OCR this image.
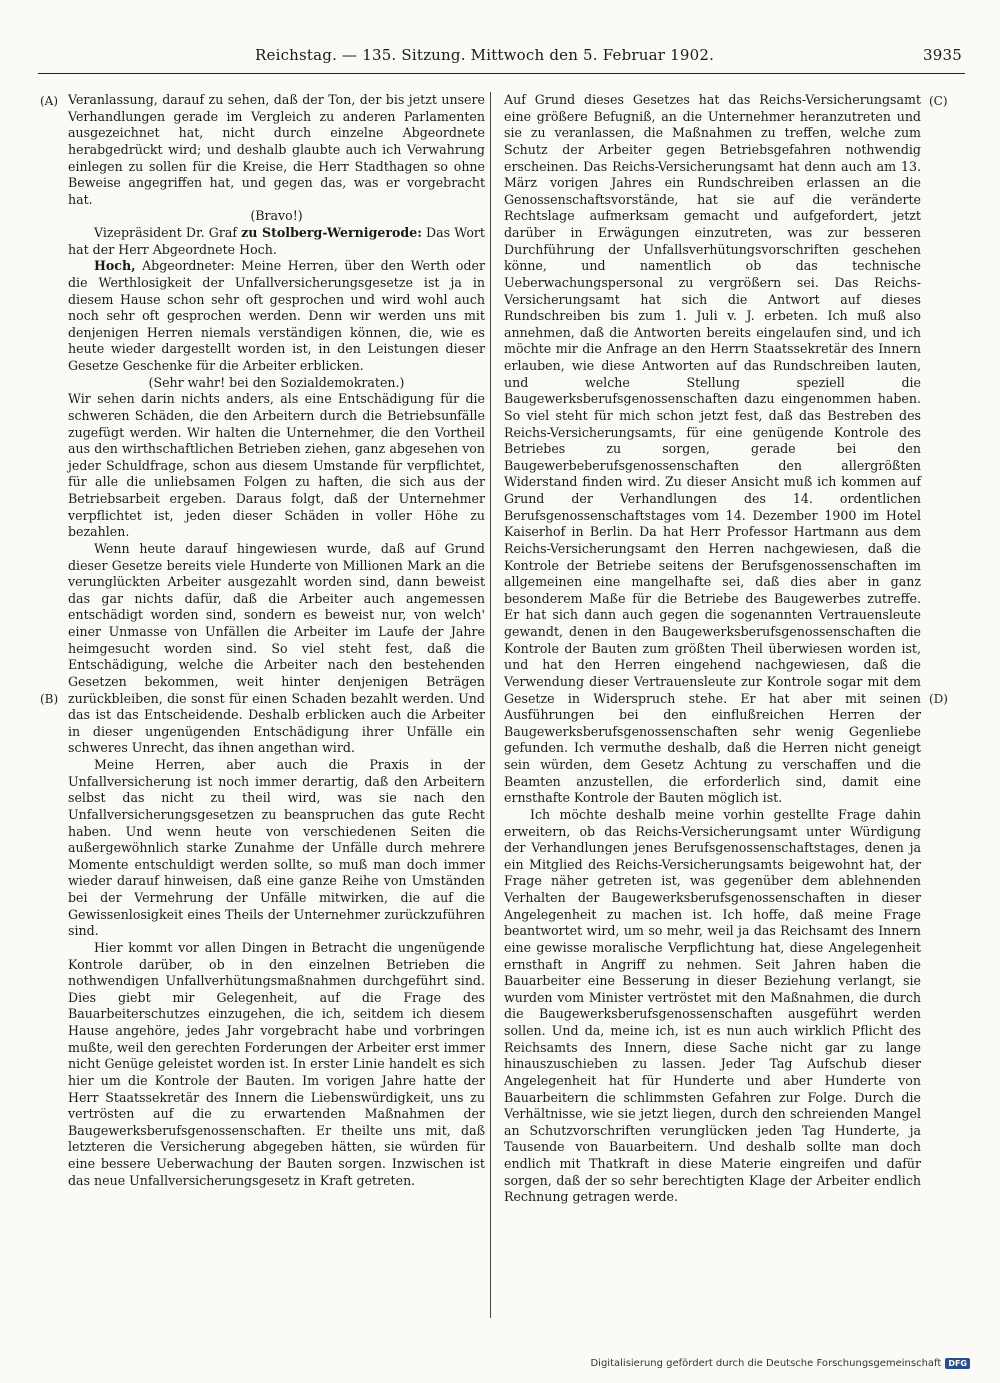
Reichstag. — 135. Sitzung. Mittwoch den 5. Februar 1902.	3935
(A)
(B)
(C)
(D)

Veranlassung, darauf zu sehen, daß der Ton, der bis jetzt unsere Verhandlungen gerade im Vergleich zu anderen Parlamenten ausgezeichnet hat, nicht durch einzelne Abgeordnete herabgedrückt wird; und deshalb glaubte auch ich Verwahrung einlegen zu sollen für die Kreise, die Herr Stadthagen so ohne Beweise angegriffen hat, und gegen das, was er vorgebracht hat.

(Bravo!)

Vizepräsident Dr. Graf zu Stolberg-Wernigerode: Das Wort hat der Herr Abgeordnete Hoch.

Hoch, Abgeordneter: Meine Herren, über den Werth oder die Werthlosigkeit der Unfallversicherungsgesetze ist ja in diesem Hause schon sehr oft gesprochen und wird wohl auch noch sehr oft gesprochen werden. Denn wir werden uns mit denjenigen Herren niemals verständigen können, die, wie es heute wieder dargestellt worden ist, in den Leistungen dieser Gesetze Geschenke für die Arbeiter erblicken.

(Sehr wahr! bei den Sozialdemokraten.)

Wir sehen darin nichts anders, als eine Entschädigung für die schweren Schäden, die den Arbeitern durch die Betriebsunfälle zugefügt werden. Wir halten die Unternehmer, die den Vortheil aus den wirthschaftlichen Betrieben ziehen, ganz abgesehen von jeder Schuldfrage, schon aus diesem Umstande für verpflichtet, für alle die unliebsamen Folgen zu haften, die sich aus der Betriebsarbeit ergeben. Daraus folgt, daß der Unternehmer verpflichtet ist, jeden dieser Schäden in voller Höhe zu bezahlen.

Wenn heute darauf hingewiesen wurde, daß auf Grund dieser Gesetze bereits viele Hunderte von Millionen Mark an die verunglückten Arbeiter ausgezahlt worden sind, dann beweist das gar nichts dafür, daß die Arbeiter auch angemessen entschädigt worden sind, sondern es beweist nur, von welch' einer Unmasse von Unfällen die Arbeiter im Laufe der Jahre heimgesucht worden sind. So viel steht fest, daß die Entschädigung, welche die Arbeiter nach den bestehenden Gesetzen bekommen, weit hinter denjenigen Beträgen zurückbleiben, die sonst für einen Schaden bezahlt werden. Und das ist das Entscheidende. Deshalb erblicken auch die Arbeiter in dieser ungenügenden Entschädigung ihrer Unfälle ein schweres Unrecht, das ihnen angethan wird.

Meine Herren, aber auch die Praxis in der Unfallversicherung ist noch immer derartig, daß den Arbeitern selbst das nicht zu theil wird, was sie nach den Unfallversicherungsgesetzen zu beanspruchen das gute Recht haben. Und wenn heute von verschiedenen Seiten die außergewöhnlich starke Zunahme der Unfälle durch mehrere Momente entschuldigt werden sollte, so muß man doch immer wieder darauf hinweisen, daß eine ganze Reihe von Umständen bei der Vermehrung der Unfälle mitwirken, die auf die Gewissenlosigkeit eines Theils der Unternehmer zurückzuführen sind.

Hier kommt vor allen Dingen in Betracht die ungenügende Kontrole darüber, ob in den einzelnen Betrieben die nothwendigen Unfallverhütungsmaßnahmen durchgeführt sind. Dies giebt mir Gelegenheit, auf die Frage des Bauarbeiterschutzes einzugehen, die ich, seitdem ich diesem Hause angehöre, jedes Jahr vorgebracht habe und vorbringen mußte, weil den gerechten Forderungen der Arbeiter erst immer nicht Genüge geleistet worden ist. In erster Linie handelt es sich hier um die Kontrole der Bauten. Im vorigen Jahre hatte der Herr Staatssekretär des Innern die Liebenswürdigkeit, uns zu vertrösten auf die zu erwartenden Maßnahmen der Baugewerksberufsgenossenschaften. Er theilte uns mit, daß letzteren die Versicherung abgegeben hätten, sie würden für eine bessere Ueberwachung der Bauten sorgen. Inzwischen ist das neue Unfallversicherungsgesetz in Kraft getreten.

Auf Grund dieses Gesetzes hat das Reichs-Versicherungsamt eine größere Befugniß, an die Unternehmer heranzutreten und sie zu veranlassen, die Maßnahmen zu treffen, welche zum Schutz der Arbeiter gegen Betriebsgefahren nothwendig erscheinen. Das Reichs-Versicherungsamt hat denn auch am 13. März vorigen Jahres ein Rundschreiben erlassen an die Genossenschaftsvorstände, hat sie auf die veränderte Rechtslage aufmerksam gemacht und aufgefordert, jetzt darüber in Erwägungen einzutreten, was zur besseren Durchführung der Unfallsverhütungsvorschriften geschehen könne, und namentlich ob das technische Ueberwachungspersonal zu vergrößern sei. Das Reichs-Versicherungsamt hat sich die Antwort auf dieses Rundschreiben bis zum 1. Juli v. J. erbeten. Ich muß also annehmen, daß die Antworten bereits eingelaufen sind, und ich möchte mir die Anfrage an den Herrn Staatssekretär des Innern erlauben, wie diese Antworten auf das Rundschreiben lauten, und welche Stellung speziell die Baugewerksberufsgenossenschaften dazu eingenommen haben. So viel steht für mich schon jetzt fest, daß das Bestreben des Reichs-Versicherungsamts, für eine genügende Kontrole des Betriebes zu sorgen, gerade bei den Baugewerbeberufsgenossenschaften den allergrößten Widerstand finden wird. Zu dieser Ansicht muß ich kommen auf Grund der Verhandlungen des 14. ordentlichen Berufsgenossenschaftstages vom 14. Dezember 1900 im Hotel Kaiserhof in Berlin. Da hat Herr Professor Hartmann aus dem Reichs-Versicherungsamt den Herren nachgewiesen, daß die Kontrole der Betriebe seitens der Berufsgenossenschaften im allgemeinen eine mangelhafte sei, daß dies aber in ganz besonderem Maße für die Betriebe des Baugewerbes zutreffe. Er hat sich dann auch gegen die sogenannten Vertrauensleute gewandt, denen in den Baugewerksberufsgenossenschaften die Kontrole der Bauten zum größten Theil überwiesen worden ist, und hat den Herren eingehend nachgewiesen, daß die Verwendung dieser Vertrauensleute zur Kontrole sogar mit dem Gesetze in Widerspruch stehe. Er hat aber mit seinen Ausführungen bei den einflußreichen Herren der Baugewerksberufsgenossenschaften sehr wenig Gegenliebe gefunden. Ich vermuthe deshalb, daß die Herren nicht geneigt sein würden, dem Gesetz Achtung zu verschaffen und die Beamten anzustellen, die erforderlich sind, damit eine ernsthafte Kontrole der Bauten möglich ist.

Ich möchte deshalb meine vorhin gestellte Frage dahin erweitern, ob das Reichs-Versicherungsamt unter Würdigung der Verhandlungen jenes Berufsgenossenschaftstages, denen ja ein Mitglied des Reichs-Versicherungsamts beigewohnt hat, der Frage näher getreten ist, was gegenüber dem ablehnenden Verhalten der Baugewerksberufsgenossenschaften in dieser Angelegenheit zu machen ist. Ich hoffe, daß meine Frage beantwortet wird, um so mehr, weil ja das Reichsamt des Innern eine gewisse moralische Verpflichtung hat, diese Angelegenheit ernsthaft in Angriff zu nehmen. Seit Jahren haben die Bauarbeiter eine Besserung in dieser Beziehung verlangt, sie wurden vom Minister vertröstet mit den Maßnahmen, die durch die Baugewerksberufsgenossenschaften ausgeführt werden sollen. Und da, meine ich, ist es nun auch wirklich Pflicht des Reichsamts des Innern, diese Sache nicht gar zu lange hinauszuschieben zu lassen. Jeder Tag Aufschub dieser Angelegenheit hat für Hunderte und aber Hunderte von Bauarbeitern die schlimmsten Gefahren zur Folge. Durch die Verhältnisse, wie sie jetzt liegen, durch den schreienden Mangel an Schutzvorschriften verunglücken jeden Tag Hunderte, ja Tausende von Bauarbeitern. Und deshalb sollte man doch endlich mit Thatkraft in diese Materie eingreifen und dafür sorgen, daß der so sehr berechtigten Klage der Arbeiter endlich Rechnung getragen werde.

Digitalisierung gefördert durch die Deutsche Forschungsgemeinschaft DFG
